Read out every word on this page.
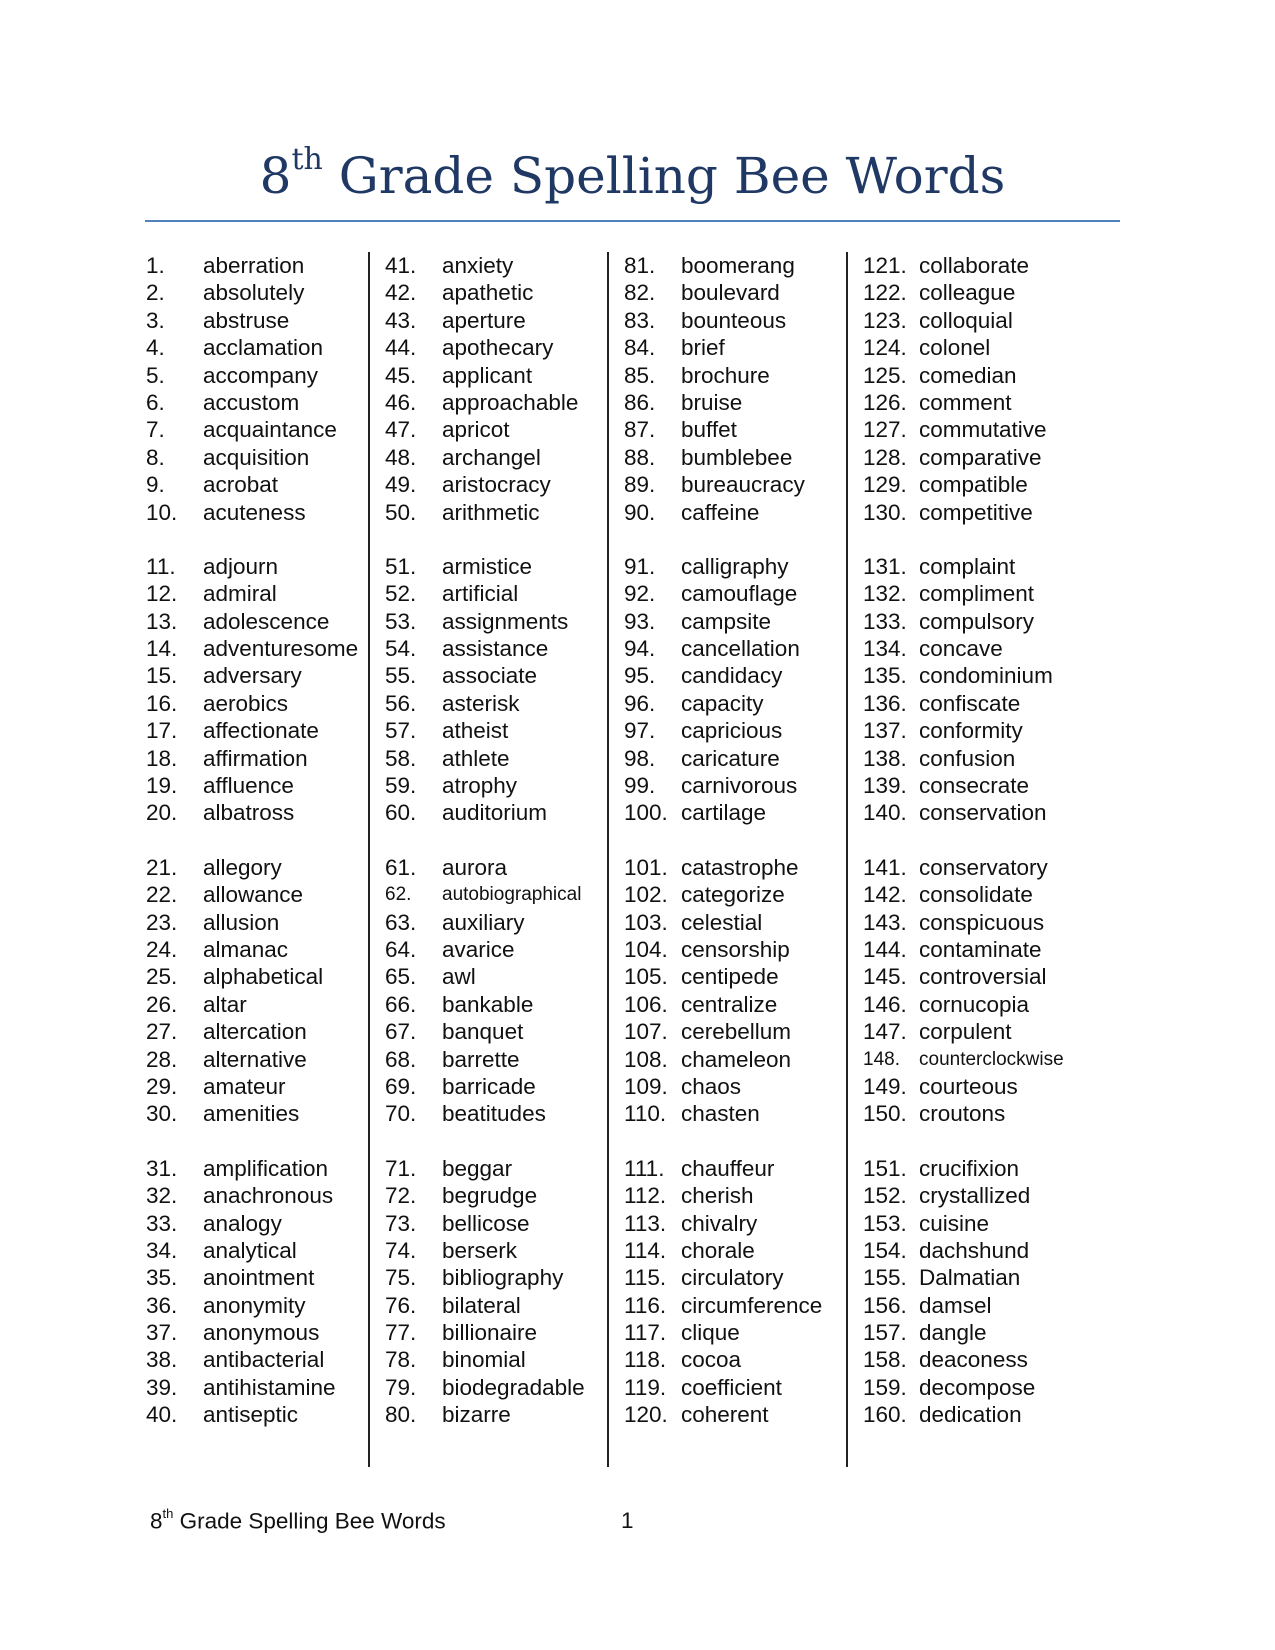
8th Grade Spelling Bee Words
1. aberration
2. absolutely
3. abstruse
4. acclamation
5. accompany
6. accustom
7. acquaintance
8. acquisition
9. acrobat
10. acuteness
11. adjourn
12. admiral
13. adolescence
14. adventuresome
15. adversary
16. aerobics
17. affectionate
18. affirmation
19. affluence
20. albatross
21. allegory
22. allowance
23. allusion
24. almanac
25. alphabetical
26. altar
27. altercation
28. alternative
29. amateur
30. amenities
31. amplification
32. anachronous
33. analogy
34. analytical
35. anointment
36. anonymity
37. anonymous
38. antibacterial
39. antihistamine
40. antiseptic
41. anxiety
42. apathetic
43. aperture
44. apothecary
45. applicant
46. approachable
47. apricot
48. archangel
49. aristocracy
50. arithmetic
51. armistice
52. artificial
53. assignments
54. assistance
55. associate
56. asterisk
57. atheist
58. athlete
59. atrophy
60. auditorium
61. aurora
62. autobiographical
63. auxiliary
64. avarice
65. awl
66. bankable
67. banquet
68. barrette
69. barricade
70. beatitudes
71. beggar
72. begrudge
73. bellicose
74. berserk
75. bibliography
76. bilateral
77. billionaire
78. binomial
79. biodegradable
80. bizarre
81. boomerang
82. boulevard
83. bounteous
84. brief
85. brochure
86. bruise
87. buffet
88. bumblebee
89. bureaucracy
90. caffeine
91. calligraphy
92. camouflage
93. campsite
94. cancellation
95. candidacy
96. capacity
97. capricious
98. caricature
99. carnivorous
100. cartilage
101. catastrophe
102. categorize
103. celestial
104. censorship
105. centipede
106. centralize
107. cerebellum
108. chameleon
109. chaos
110. chasten
111. chauffeur
112. cherish
113. chivalry
114. chorale
115. circulatory
116. circumference
117. clique
118. cocoa
119. coefficient
120. coherent
121. collaborate
122. colleague
123. colloquial
124. colonel
125. comedian
126. comment
127. commutative
128. comparative
129. compatible
130. competitive
131. complaint
132. compliment
133. compulsory
134. concave
135. condominium
136. confiscate
137. conformity
138. confusion
139. consecrate
140. conservation
141. conservatory
142. consolidate
143. conspicuous
144. contaminate
145. controversial
146. cornucopia
147. corpulent
148. counterclockwise
149. courteous
150. croutons
151. crucifixion
152. crystallized
153. cuisine
154. dachshund
155. Dalmatian
156. damsel
157. dangle
158. deaconess
159. decompose
160. dedication
8th Grade Spelling Bee Words	1
